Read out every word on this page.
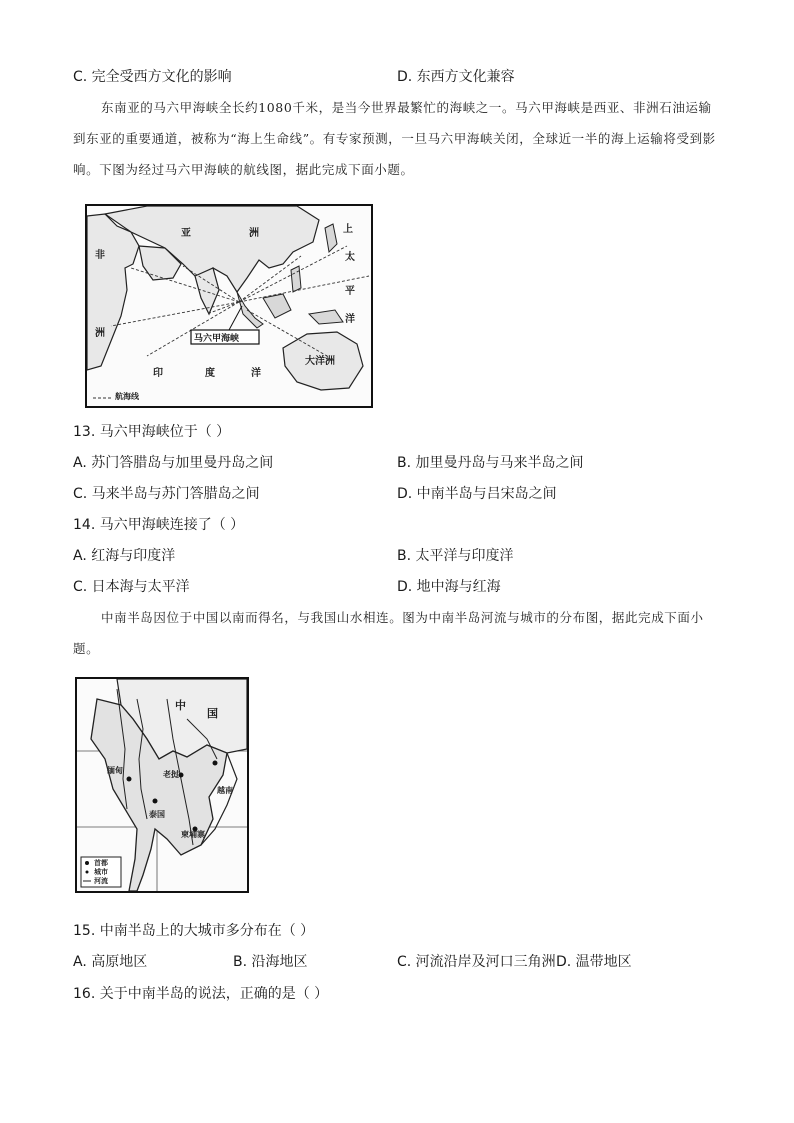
C. 完全受西方文化的影响	D. 东西方文化兼容
东南亚的马六甲海峡全长约1080千米，是当今世界最繁忙的海峡之一。马六甲海峡是西亚、非洲石油运输到东亚的重要通道，被称为“海上生命线”。有专家预测，一旦马六甲海峡关闭，全球近一半的海上运输将受到影响。下图为经过马六甲海峡的航线图，据此完成下面小题。
亚	洲
非
洲
上
太
平
洋
印	度	洋
大洋洲
马六甲海峡
航海线
13. 马六甲海峡位于（ ）
A. 苏门答腊岛与加里曼丹岛之间	B. 加里曼丹岛与马来半岛之间
C. 马来半岛与苏门答腊岛之间	D. 中南半岛与吕宋岛之间
14. 马六甲海峡连接了（ ）
A. 红海与印度洋	B. 太平洋与印度洋
C. 日本海与太平洋	D. 地中海与红海
中南半岛因位于中国以南而得名，与我国山水相连。图为中南半岛河流与城市的分布图，据此完成下面小题。
中
国
缅甸	老挝
泰国
柬埔寨
越南
首都
城市
河流
15. 中南半岛上的大城市多分布在（ ）
A. 高原地区	B. 沿海地区	C. 河流沿岸及河口三角洲 D. 温带地区
16. 关于中南半岛的说法，正确的是（ ）
